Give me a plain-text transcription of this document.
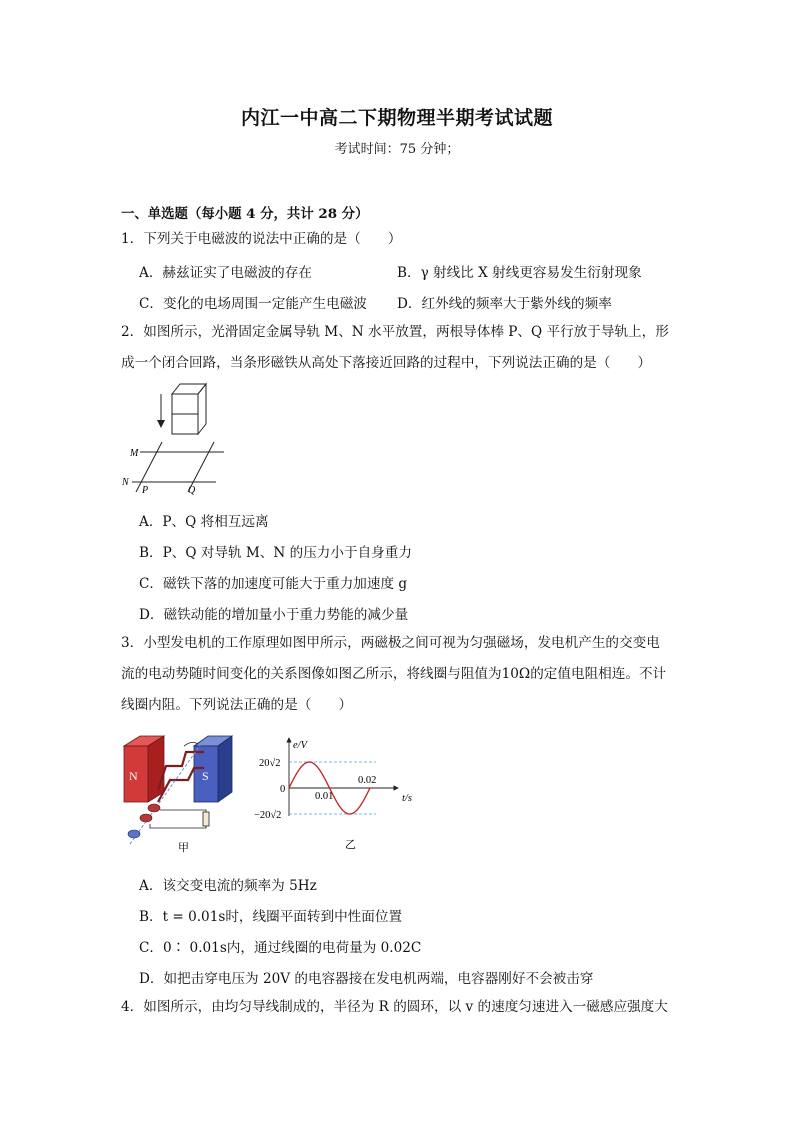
内江一中高二下期物理半期考试试题
考试时间：75 分钟；
一、单选题（每小题 4 分，共计 28 分）
1．下列关于电磁波的说法中正确的是（　　）
A．赫兹证实了电磁波的存在	B．γ 射线比 X 射线更容易发生衍射现象
C．变化的电场周围一定能产生电磁波 D．红外线的频率大于紫外线的频率
2．如图所示，光滑固定金属导轨 M、N 水平放置，两根导体棒 P、Q 平行放于导轨上，形
成一个闭合回路，当条形磁铁从高处下落接近回路的过程中，下列说法正确的是（　　）
M
N
P	Q
A．P、Q 将相互远离
B．P、Q 对导轨 M、N 的压力小于自身重力
C．磁铁下落的加速度可能大于重力加速度 g
D．磁铁动能的增加量小于重力势能的减少量
3．小型发电机的工作原理如图甲所示，两磁极之间可视为匀强磁场，发电机产生的交变电
流的电动势随时间变化的关系图像如图乙所示，将线圈与阻值为10Ω的定值电阻相连。不计
线圈内阻。下列说法正确的是（　　）
N	S
甲
e/V
t/s
20√2
0
−20√2
0.01
0.02
乙
A．该交变电流的频率为 5Hz
B．t = 0.01s时，线圈平面转到中性面位置
C．0∶ 0.01s内，通过线圈的电荷量为 0.02C
D．如把击穿电压为 20V 的电容器接在发电机两端，电容器刚好不会被击穿
4．如图所示，由均匀导线制成的，半径为 R 的圆环，以 v 的速度匀速进入一磁感应强度大
